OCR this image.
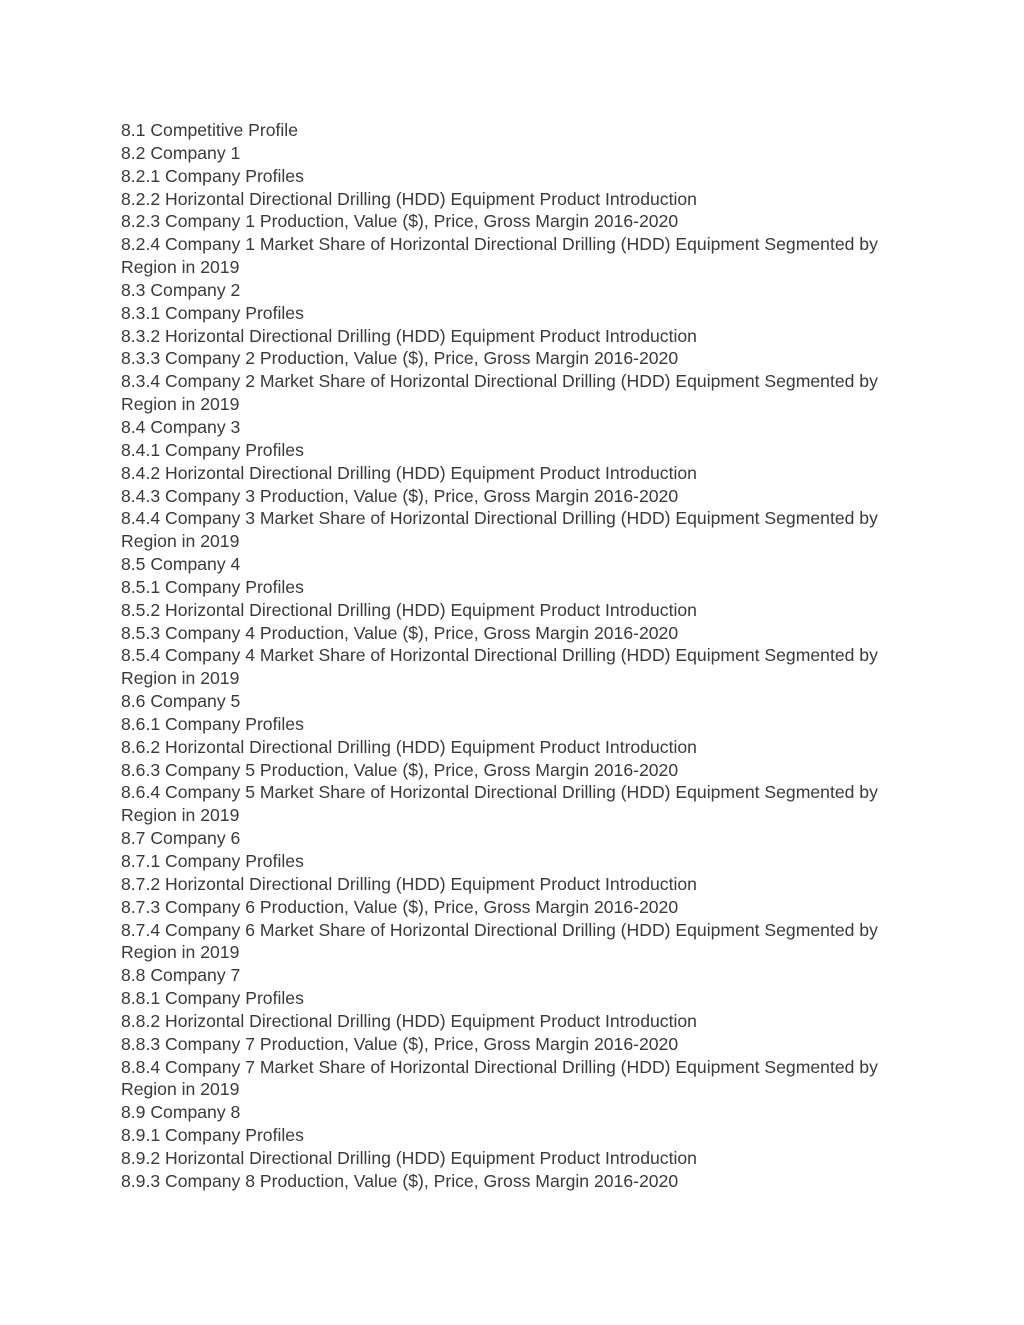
8.1 Competitive Profile
8.2 Company 1
8.2.1 Company Profiles
8.2.2 Horizontal Directional Drilling (HDD) Equipment Product Introduction
8.2.3 Company 1 Production, Value ($), Price, Gross Margin 2016-2020
8.2.4 Company 1 Market Share of Horizontal Directional Drilling (HDD) Equipment Segmented by Region in 2019
8.3 Company 2
8.3.1 Company Profiles
8.3.2 Horizontal Directional Drilling (HDD) Equipment Product Introduction
8.3.3 Company 2 Production, Value ($), Price, Gross Margin 2016-2020
8.3.4 Company 2 Market Share of Horizontal Directional Drilling (HDD) Equipment Segmented by Region in 2019
8.4 Company 3
8.4.1 Company Profiles
8.4.2 Horizontal Directional Drilling (HDD) Equipment Product Introduction
8.4.3 Company 3 Production, Value ($), Price, Gross Margin 2016-2020
8.4.4 Company 3 Market Share of Horizontal Directional Drilling (HDD) Equipment Segmented by Region in 2019
8.5 Company 4
8.5.1 Company Profiles
8.5.2 Horizontal Directional Drilling (HDD) Equipment Product Introduction
8.5.3 Company 4 Production, Value ($), Price, Gross Margin 2016-2020
8.5.4 Company 4 Market Share of Horizontal Directional Drilling (HDD) Equipment Segmented by Region in 2019
8.6 Company 5
8.6.1 Company Profiles
8.6.2 Horizontal Directional Drilling (HDD) Equipment Product Introduction
8.6.3 Company 5 Production, Value ($), Price, Gross Margin 2016-2020
8.6.4 Company 5 Market Share of Horizontal Directional Drilling (HDD) Equipment Segmented by Region in 2019
8.7 Company 6
8.7.1 Company Profiles
8.7.2 Horizontal Directional Drilling (HDD) Equipment Product Introduction
8.7.3 Company 6 Production, Value ($), Price, Gross Margin 2016-2020
8.7.4 Company 6 Market Share of Horizontal Directional Drilling (HDD) Equipment Segmented by Region in 2019
8.8 Company 7
8.8.1 Company Profiles
8.8.2 Horizontal Directional Drilling (HDD) Equipment Product Introduction
8.8.3 Company 7 Production, Value ($), Price, Gross Margin 2016-2020
8.8.4 Company 7 Market Share of Horizontal Directional Drilling (HDD) Equipment Segmented by Region in 2019
8.9 Company 8
8.9.1 Company Profiles
8.9.2 Horizontal Directional Drilling (HDD) Equipment Product Introduction
8.9.3 Company 8 Production, Value ($), Price, Gross Margin 2016-2020
